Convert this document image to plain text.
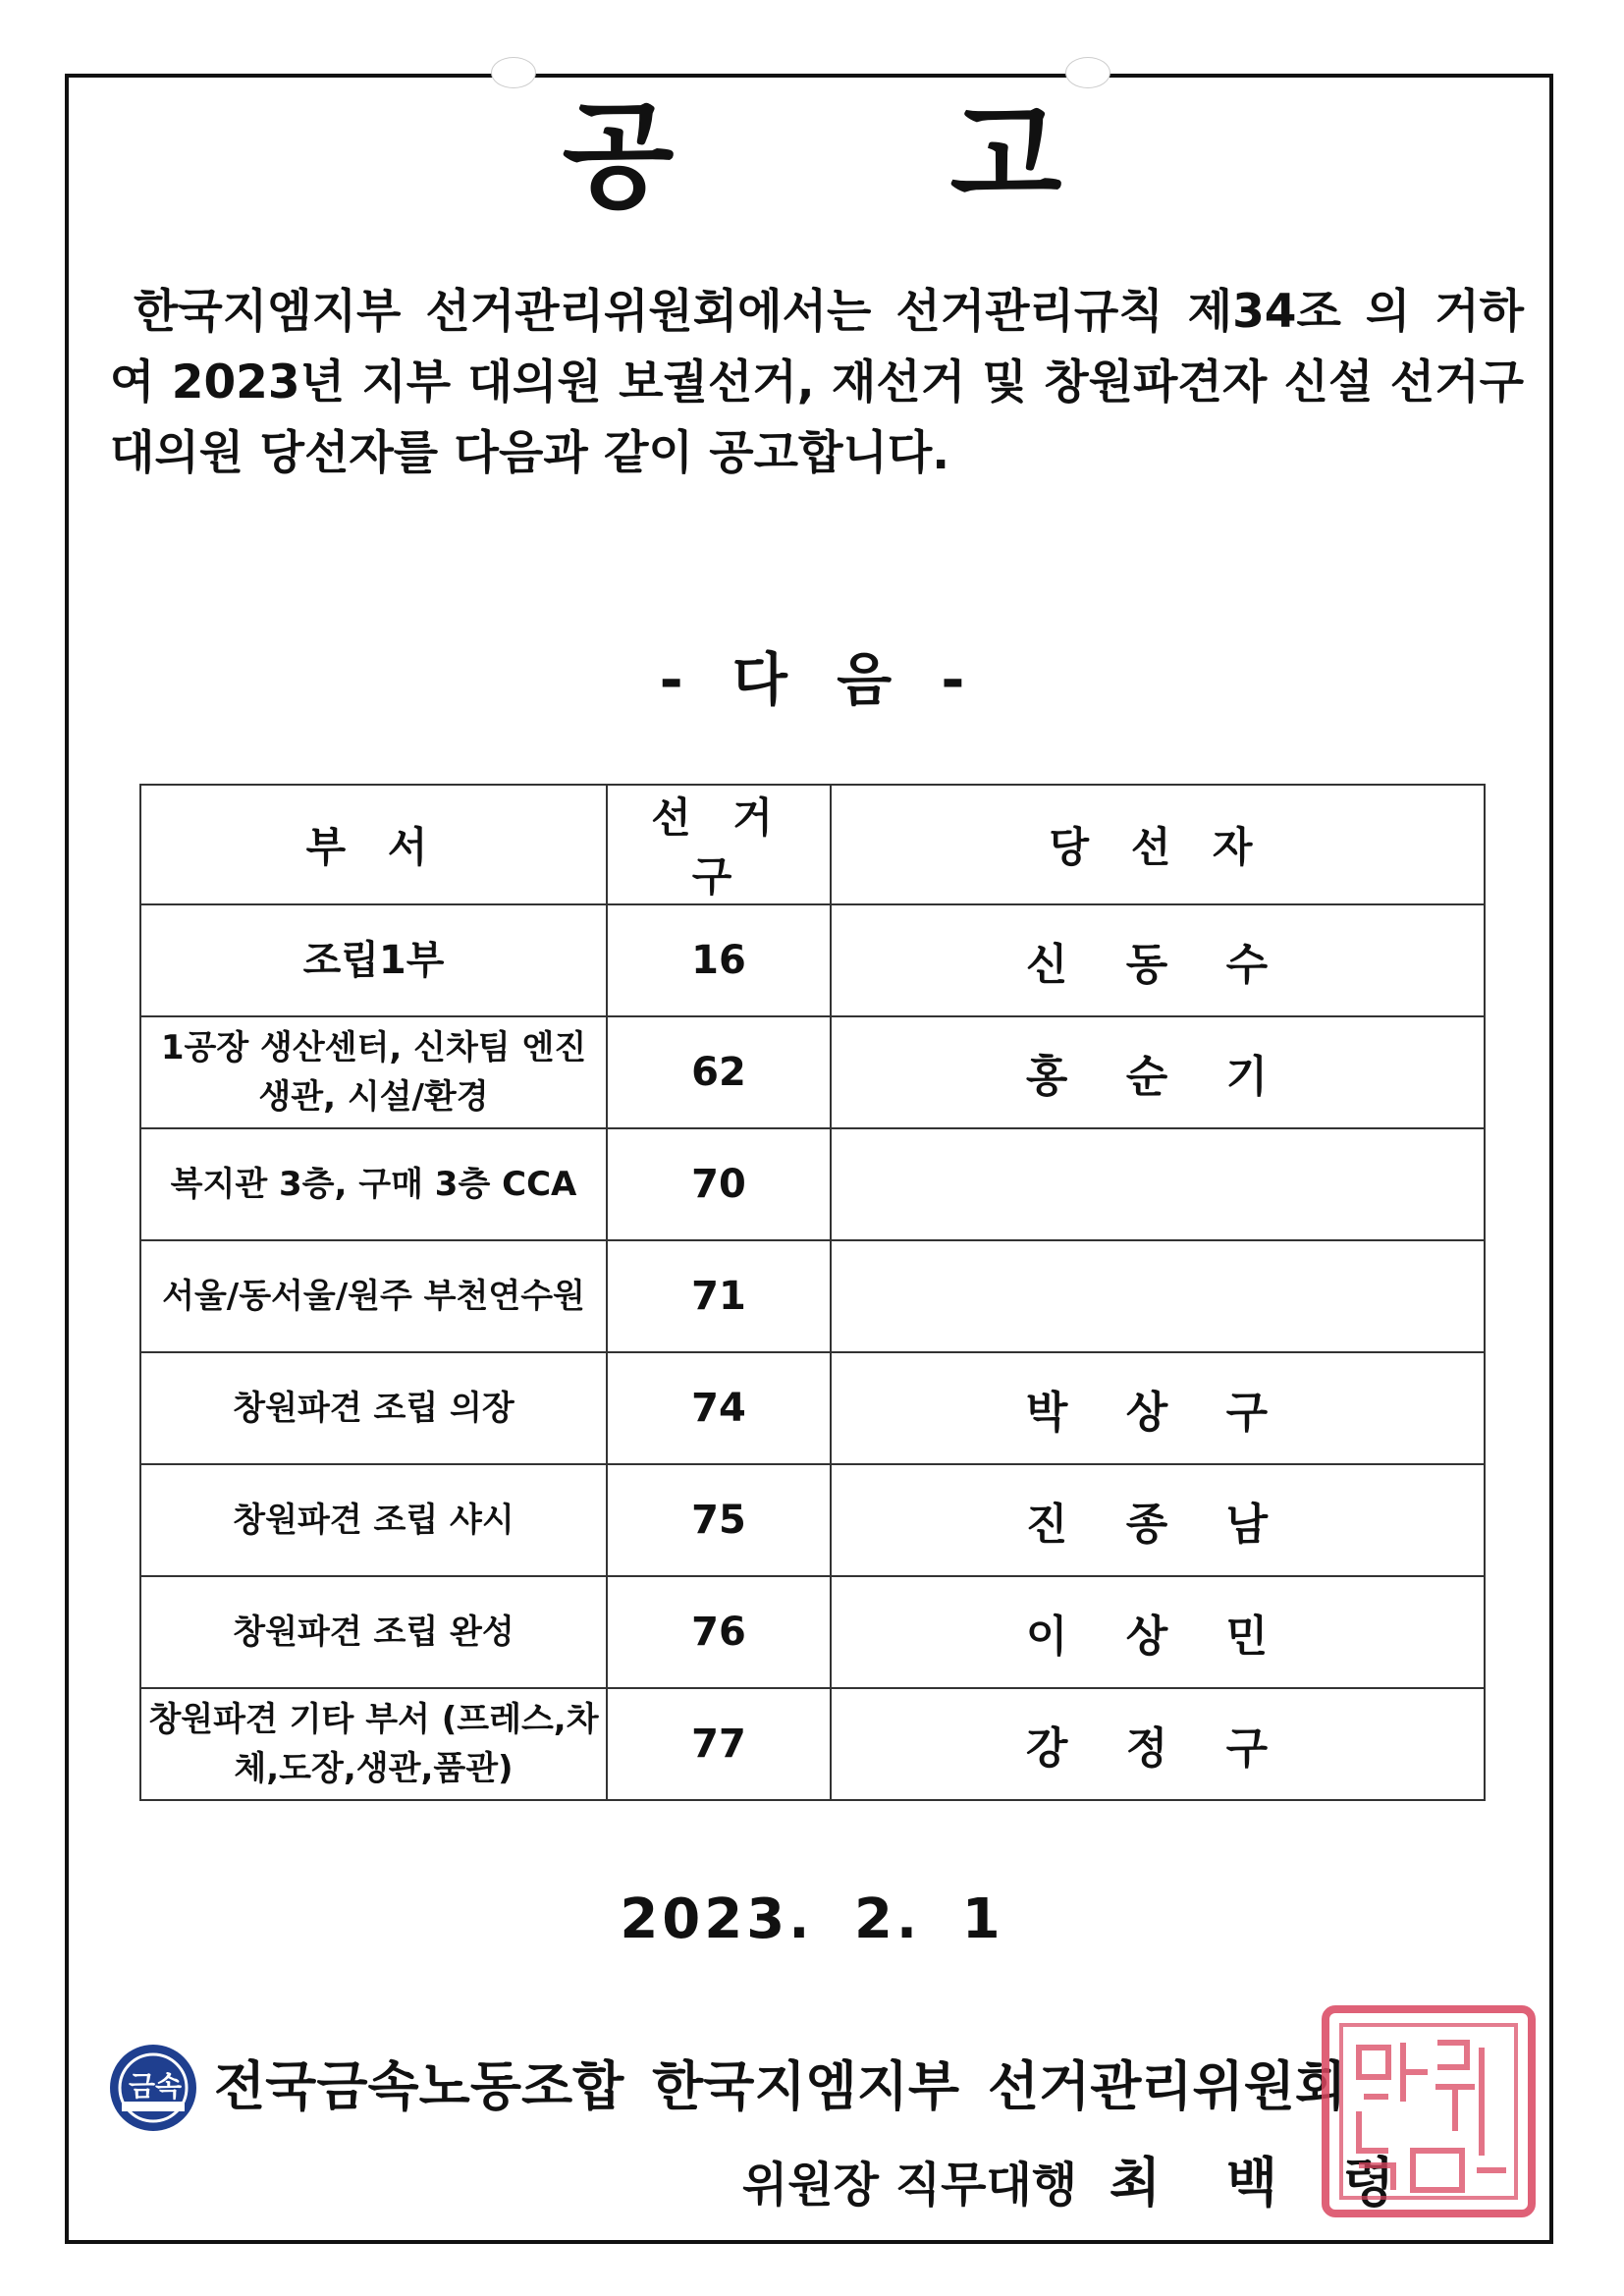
공 고
한국지엠지부 선거관리위원회에서는 선거관리규칙 제34조 의 거하여 2023년 지부 대의원 보궐선거, 재선거 및 창원파견자 신설 선거구 대의원 당선자를 다음과 같이 공고합니다.
- 다 음 -
부 서	선 거 구	당 선 자
조립1부	16	신 동 수
1공장 생산센터, 신차팀 엔진생관, 시설/환경	62	홍 순 기
복지관 3층, 구매 3층 CCA	70	
서울/동서울/원주 부천연수원	71	
창원파견 조립 의장	74	박 상 구
창원파견 조립 샤시	75	진 종 남
창원파견 조립 완성	76	이 상 민
창원파견 기타 부서 (프레스,차체,도장,생관,품관)	77	강 정 구
2023. 2. 1
금속 전국금속노동조합 한국지엠지부 선거관리위원회
위원장 직무대행 최 백 령
